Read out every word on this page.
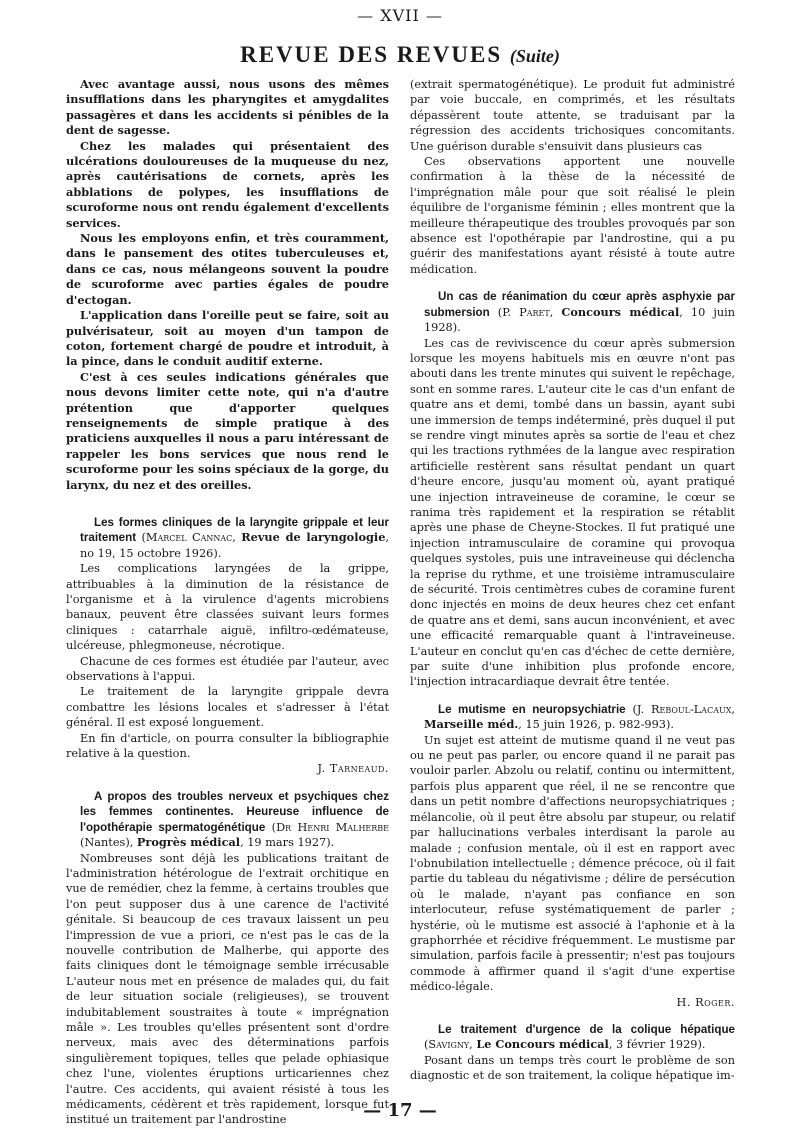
— XVII —
REVUE DES REVUES (Suite)

Avec avantage aussi, nous usons des mêmes insufflations dans les pharyngites et amygdalites passagères et dans les accidents si pénibles de la dent de sagesse.

Chez les malades qui présentaient des ulcérations douloureuses de la muqueuse du nez, après cautérisations de cornets, après les abblations de polypes, les insufflations de scuroforme nous ont rendu également d'excellents services.

Nous les employons enfin, et très couramment, dans le pansement des otites tuberculeuses et, dans ce cas, nous mélangeons souvent la poudre de scuroforme avec parties égales de poudre d'ectogan.

L'application dans l'oreille peut se faire, soit au pulvérisateur, soit au moyen d'un tampon de coton, fortement chargé de poudre et introduit, à la pince, dans le conduit auditif externe.

C'est à ces seules indications générales que nous devons limiter cette note, qui n'a d'autre prétention que d'apporter quelques renseignements de simple pratique à des praticiens auxquelles il nous a paru intéressant de rappeler les bons services que nous rend le scuroforme pour les soins spéciaux de la gorge, du larynx, du nez et des oreilles.

Les formes cliniques de la laryngite grippale et leur traitement (Marcel Cannac, Revue de laryngologie, no 19, 15 octobre 1926).

Les complications laryngées de la grippe, attribuables à la diminution de la résistance de l'organisme et à la virulence d'agents microbiens banaux, peuvent être classées suivant leurs formes cliniques : catarrhale aiguë, infiltro-œdémateuse, ulcéreuse, phlegmoneuse, nécrotique.

Chacune de ces formes est étudiée par l'auteur, avec observations à l'appui.

Le traitement de la laryngite grippale devra combattre les lésions locales et s'adresser à l'état général. Il est exposé longuement.

En fin d'article, on pourra consulter la bibliographie relative à la question.

J. Tarneaud.

A propos des troubles nerveux et psychiques chez les femmes continentes. Heureuse influence de l'opothérapie spermatogénétique (Dr Henri Malherbe (Nantes), Progrès médical, 19 mars 1927).

Nombreuses sont déjà les publications traitant de l'administration hétérologue de l'extrait orchitique en vue de remédier, chez la femme, à certains troubles que l'on peut supposer dus à une carence de l'activité génitale. Si beaucoup de ces travaux laissent un peu l'impression de vue a priori, ce n'est pas le cas de la nouvelle contribution de Malherbe, qui apporte des faits cliniques dont le témoignage semble irrécusable L'auteur nous met en présence de malades qui, du fait de leur situation sociale (religieuses), se trouvent indubitablement soustraites à toute « imprégnation mâle ». Les troubles qu'elles présentent sont d'ordre nerveux, mais avec des déterminations parfois singulièrement topiques, telles que pelade ophiasique chez l'une, violentes éruptions urticariennes chez l'autre. Ces accidents, qui avaient résisté à tous les médicaments, cédèrent et très rapidement, lorsque fut institué un traitement par l'androstine

(extrait spermatogénétique). Le produit fut administré par voie buccale, en comprimés, et les résultats dépassèrent toute attente, se traduisant par la régression des accidents trichosiques concomitants. Une guérison durable s'ensuivit dans plusieurs cas

Ces observations apportent une nouvelle confirmation à la thèse de la nécessité de l'imprégnation mâle pour que soit réalisé le plein équilibre de l'organisme féminin ; elles montrent que la meilleure thérapeutique des troubles provoqués par son absence est l'opothérapie par l'androstine, qui a pu guérir des manifestations ayant résisté à toute autre médication.

Un cas de réanimation du cœur après asphyxie par submersion (P. Paret, Concours médical, 10 juin 1928).

Les cas de reviviscence du cœur après submersion lorsque les moyens habituels mis en œuvre n'ont pas abouti dans les trente minutes qui suivent le repêchage, sont en somme rares. L'auteur cite le cas d'un enfant de quatre ans et demi, tombé dans un bassin, ayant subi une immersion de temps indéterminé, près duquel il put se rendre vingt minutes après sa sortie de l'eau et chez qui les tractions rythmées de la langue avec respiration artificielle restèrent sans résultat pendant un quart d'heure encore, jusqu'au moment où, ayant pratiqué une injection intraveineuse de coramine, le cœur se ranima très rapidement et la respiration se rétablit après une phase de Cheyne-Stockes. Il fut pratiqué une injection intramusculaire de coramine qui provoqua quelques systoles, puis une intraveineuse qui déclencha la reprise du rythme, et une troisième intramusculaire de sécurité. Trois centimètres cubes de coramine furent donc injectés en moins de deux heures chez cet enfant de quatre ans et demi, sans aucun inconvénient, et avec une efficacité remarquable quant à l'intraveineuse. L'auteur en conclut qu'en cas d'échec de cette dernière, par suite d'une inhibition plus profonde encore, l'injection intracardiaque devrait être tentée.

Le mutisme en neuropsychiatrie (J. Reboul-Lacaux, Marseille méd., 15 juin 1926, p. 982-993).

Un sujet est atteint de mutisme quand il ne veut pas ou ne peut pas parler, ou encore quand il ne parait pas vouloir parler. Abzolu ou relatif, continu ou intermittent, parfois plus apparent que réel, il ne se rencontre que dans un petit nombre d'affections neuropsychiatriques ; mélancolie, où il peut être absolu par stupeur, ou relatif par hallucinations verbales interdisant la parole au malade ; confusion mentale, où il est en rapport avec l'obnubilation intellectuelle ; démence précoce, où il fait partie du tableau du négativisme ; délire de persécution où le malade, n'ayant pas confiance en son interlocuteur, refuse systématiquement de parler ; hystérie, où le mutisme est associé à l'aphonie et à la graphorrhée et récidive fréquemment. Le mustisme par simulation, parfois facile à pressentir; n'est pas toujours commode à affirmer quand il s'agit d'une expertise médico-légale.

H. Roger.

Le traitement d'urgence de la colique hépatique (Savigny, Le Concours médical, 3 février 1929).

Posant dans un temps très court le problème de son diagnostic et de son traitement, la colique hépatique im-

— 17 —
